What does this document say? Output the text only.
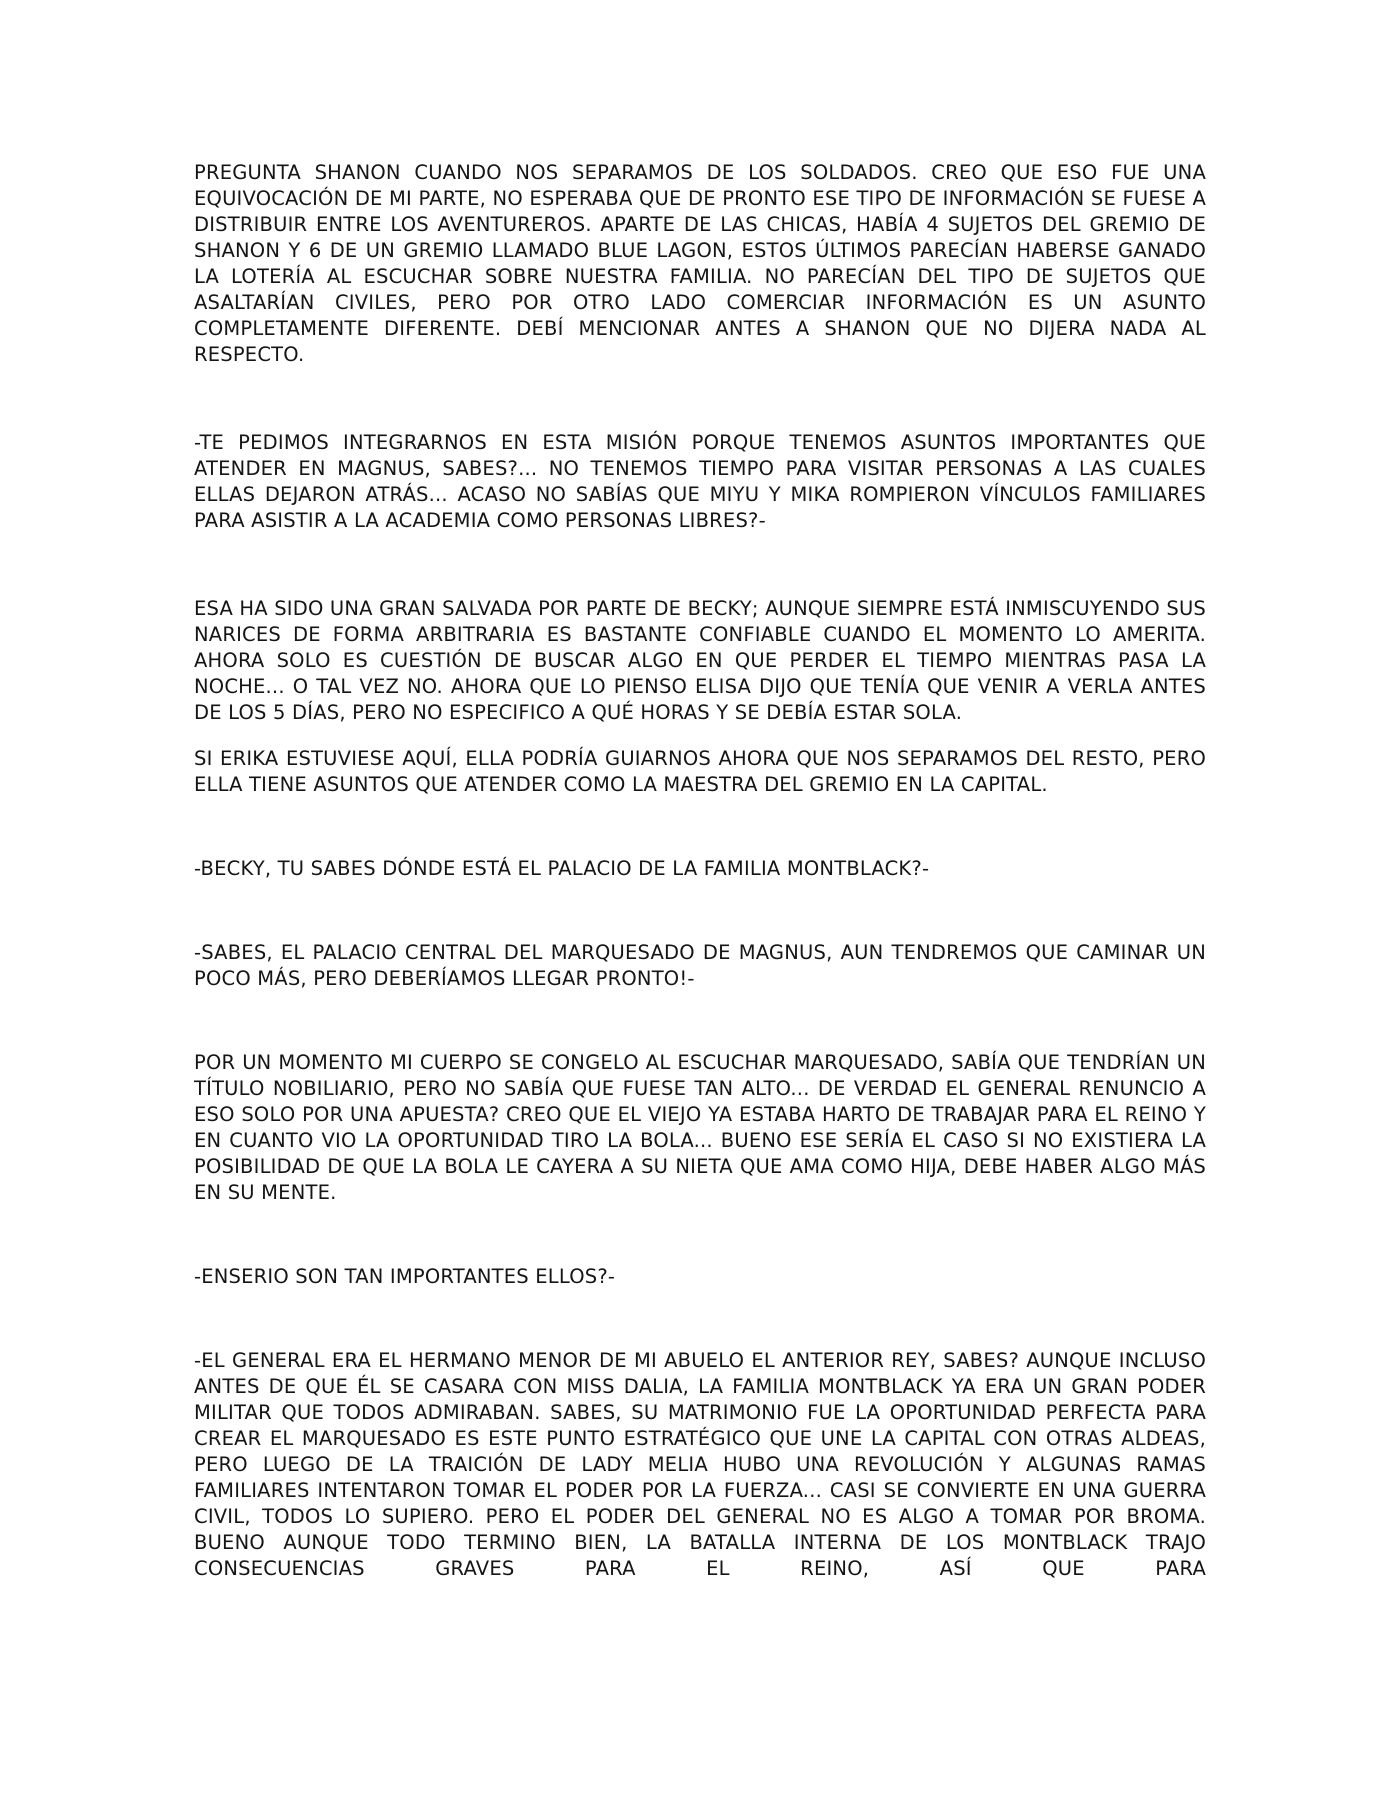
PREGUNTA SHANON CUANDO NOS SEPARAMOS DE LOS SOLDADOS. CREO QUE ESO FUE UNA EQUIVOCACIÓN DE MI PARTE, NO ESPERABA QUE DE PRONTO ESE TIPO DE INFORMACIÓN SE FUESE A DISTRIBUIR ENTRE LOS AVENTUREROS. APARTE DE LAS CHICAS, HABÍA 4 SUJETOS DEL GREMIO DE SHANON Y 6 DE UN GREMIO LLAMADO BLUE LAGON, ESTOS ÚLTIMOS PARECÍAN HABERSE GANADO LA LOTERÍA AL ESCUCHAR SOBRE NUESTRA FAMILIA. NO PARECÍAN DEL TIPO DE SUJETOS QUE ASALTARÍAN CIVILES, PERO POR OTRO LADO COMERCIAR INFORMACIÓN ES UN ASUNTO COMPLETAMENTE DIFERENTE. DEBÍ MENCIONAR ANTES A SHANON QUE NO DIJERA NADA AL RESPECTO.

-TE PEDIMOS INTEGRARNOS EN ESTA MISIÓN PORQUE TENEMOS ASUNTOS IMPORTANTES QUE ATENDER EN MAGNUS, SABES?... NO TENEMOS TIEMPO PARA VISITAR PERSONAS A LAS CUALES ELLAS DEJARON ATRÁS... ACASO NO SABÍAS QUE MIYU Y MIKA ROMPIERON VÍNCULOS FAMILIARES PARA ASISTIR A LA ACADEMIA COMO PERSONAS LIBRES?-

ESA HA SIDO UNA GRAN SALVADA POR PARTE DE BECKY; AUNQUE SIEMPRE ESTÁ INMISCUYENDO SUS NARICES DE FORMA ARBITRARIA ES BASTANTE CONFIABLE CUANDO EL MOMENTO LO AMERITA. AHORA SOLO ES CUESTIÓN DE BUSCAR ALGO EN QUE PERDER EL TIEMPO MIENTRAS PASA LA NOCHE... O TAL VEZ NO. AHORA QUE LO PIENSO ELISA DIJO QUE TENÍA QUE VENIR A VERLA ANTES DE LOS 5 DÍAS, PERO NO ESPECIFICO A QUÉ HORAS Y SE DEBÍA ESTAR SOLA.

SI ERIKA ESTUVIESE AQUÍ, ELLA PODRÍA GUIARNOS AHORA QUE NOS SEPARAMOS DEL RESTO, PERO ELLA TIENE ASUNTOS QUE ATENDER COMO LA MAESTRA DEL GREMIO EN LA CAPITAL.

-BECKY, TU SABES DÓNDE ESTÁ EL PALACIO DE LA FAMILIA MONTBLACK?-

-SABES, EL PALACIO CENTRAL DEL MARQUESADO DE MAGNUS, AUN TENDREMOS QUE CAMINAR UN POCO MÁS, PERO DEBERÍAMOS LLEGAR PRONTO!-

POR UN MOMENTO MI CUERPO SE CONGELO AL ESCUCHAR MARQUESADO, SABÍA QUE TENDRÍAN UN TÍTULO NOBILIARIO, PERO NO SABÍA QUE FUESE TAN ALTO... DE VERDAD EL GENERAL RENUNCIO A ESO SOLO POR UNA APUESTA? CREO QUE EL VIEJO YA ESTABA HARTO DE TRABAJAR PARA EL REINO Y EN CUANTO VIO LA OPORTUNIDAD TIRO LA BOLA... BUENO ESE SERÍA EL CASO SI NO EXISTIERA LA POSIBILIDAD DE QUE LA BOLA LE CAYERA A SU NIETA QUE AMA COMO HIJA, DEBE HABER ALGO MÁS EN SU MENTE.

-ENSERIO SON TAN IMPORTANTES ELLOS?-

-EL GENERAL ERA EL HERMANO MENOR DE MI ABUELO EL ANTERIOR REY, SABES? AUNQUE INCLUSO ANTES DE QUE ÉL SE CASARA CON MISS DALIA, LA FAMILIA MONTBLACK YA ERA UN GRAN PODER MILITAR QUE TODOS ADMIRABAN. SABES, SU MATRIMONIO FUE LA OPORTUNIDAD PERFECTA PARA CREAR EL MARQUESADO ES ESTE PUNTO ESTRATÉGICO QUE UNE LA CAPITAL CON OTRAS ALDEAS, PERO LUEGO DE LA TRAICIÓN DE LADY MELIA HUBO UNA REVOLUCIÓN Y ALGUNAS RAMAS FAMILIARES INTENTARON TOMAR EL PODER POR LA FUERZA... CASI SE CONVIERTE EN UNA GUERRA CIVIL, TODOS LO SUPIERO. PERO EL PODER DEL GENERAL NO ES ALGO A TOMAR POR BROMA. BUENO AUNQUE TODO TERMINO BIEN, LA BATALLA INTERNA DE LOS MONTBLACK TRAJO CONSECUENCIAS GRAVES PARA EL REINO, ASÍ QUE PARA
